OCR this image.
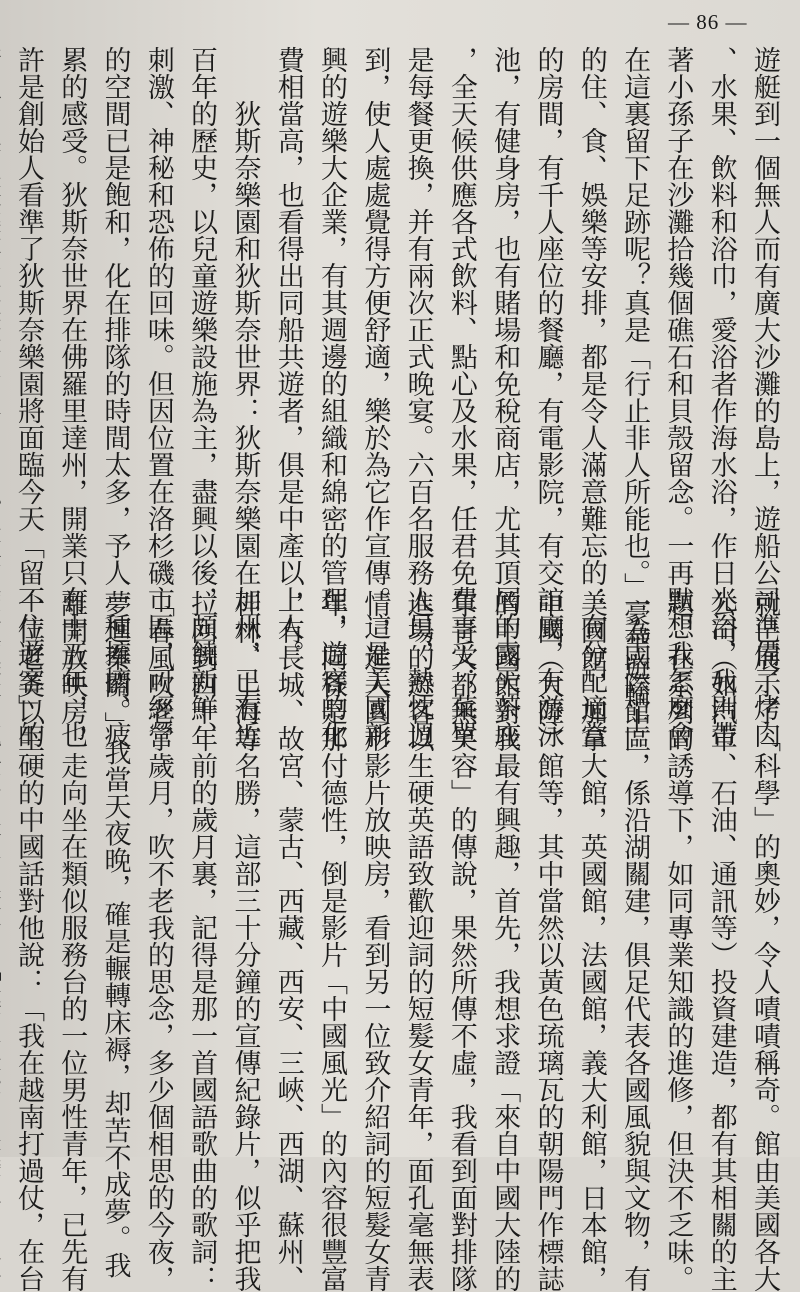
— 86 —

遊艇到一個無人而有廣大沙灘的島上，遊船公司準備了烤肉

、水果、飲料和浴巾，愛浴者作海水浴，作日光浴，我則帶

著小孫子在沙灘拾幾個礁石和貝殼留念。一再默想我怎麼會

在這裏留下足跡呢？真是「行止非人所能也。」豪華遊輪上

的住、食、娛樂等安排，都是令人滿意難忘的：有分配適當

的房間，有千人座位的餐廳，有電影院，有交誼廳，有游泳

池，有健身房，也有賭場和免稅商店，尤其頂層的露天茶座

，全天候供應各式飲料、點心及水果，任君免費享受；菜單

是每餐更換，并有兩次正式晚宴。六百名服務人員，熱忱週

到，使人處處覺得方便舒適，樂於為它作宣傳。這是美國新

興的遊樂大企業，有其週邊的組織和綿密的管理，遊客的化

費相當高，也看得出同船共遊者，俱是中產以上人。

　　狄斯奈樂園和狄斯奈世界：狄斯奈樂園在加州，已有近

百年的歷史，以兒童遊樂設施為主，盡興以後，頗饒新鮮、

刺激、神秘和恐佈的回味。但因位置在洛杉磯市區，可經營

的空間已是飽和，化在排隊的時間太多，予人一種擁擠、疲

累的感受。狄斯奈世界在佛羅里達州，開業只有十五年，也

許是創始人看準了狄斯奈樂園將面臨今天「留不住遊客」的

就已展示了「科學」的奧妙，令人嘖嘖稱奇。館由美國各大

公司（如汽車、石油、通訊等）投資建造，都有其相關的主

題，在系列的誘導下，如同專業知識的進修，但決不乏味。

一為國際館區，係沿湖關建，俱足代表各國風貌與文物，有

美國館，加拿大館，英國館，法國館，義大利館，日本館，

中國（大陸）館等，其中當然以黃色琉璃瓦的朝陽門作標誌

的中國館對我最有興趣，首先，我想求證「來自中國大陸的

年青人都無笑容」的傳說，果然所傳不虛，我看到面對排隊

進場的遊客以生硬英語致歡迎詞的短髮女青年，面孔毫無表

情，進入圓形影片放映房，看到另一位致介紹詞的短髮女青

年，同樣是那付德性，倒是影片「中國風光」的內容很豐富

，有長城、故宮、蒙古、西藏、西安、三峽、西湖、蘇州、

桂林、上海等名勝，這部三十分鐘的宣傳紀錄片，似乎把我

拉回到四十年前的歲月裏，記得是那一首國語歌曲的歌詞：

「春風吹老了歲月，吹不老我的思念，多少個相思的今夜，

夢迴秦關。」我當天夜晚，確是輾轉床褥，却苦不成夢。我

離開放映房，走向坐在類似服務台的一位男性青年，已先有

一位老美以生硬的中國話對他說：「我在越南打過仗，在台
